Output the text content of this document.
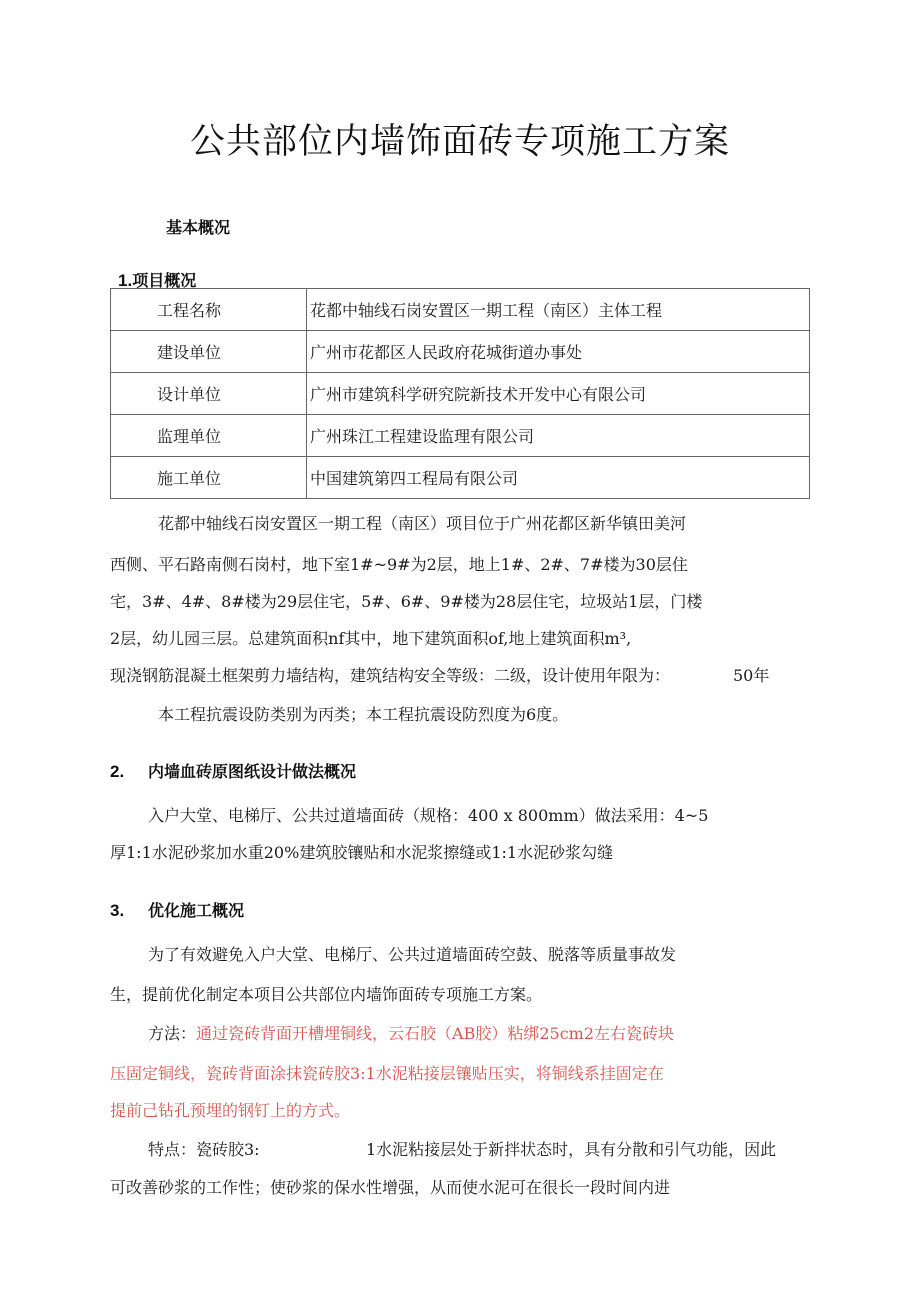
公共部位内墙饰面砖专项施工方案
基本概况
1.项目概况
工程名称	花都中轴线石岗安置区一期工程（南区）主体工程
建设单位	广州市花都区人民政府花城街道办事处
设计单位	广州市建筑科学研究院新技术开发中心有限公司
监理单位	广州珠江工程建设监理有限公司
施工单位	中国建筑第四工程局有限公司
花都中轴线石岗安置区一期工程（南区）项目位于广州花都区新华镇田美河
西侧、平石路南侧石岗村，地下室1#~9#为2层，地上1#、2#、7#楼为30层住
宅，3#、4#、8#楼为29层住宅，5#、6#、9#楼为28层住宅，垃圾站1层，门楼
2层，幼儿园三层。总建筑面积nf其中，地下建筑面积of,地上建筑面积m³,
现浇钢筋混凝土框架剪力墙结构，建筑结构安全等级：二级，设计使用年限为：	50年
本工程抗震设防类别为丙类；本工程抗震设防烈度为6度。
2. 内墙血砖原图纸设计做法概况
入户大堂、电梯厅、公共过道墙面砖（规格：400 x 800mm）做法采用：4~5
厚1:1水泥砂浆加水重20%建筑胶镶贴和水泥浆擦缝或1:1水泥砂浆勾缝
3. 优化施工概况
为了有效避免入户大堂、电梯厅、公共过道墙面砖空鼓、脱落等质量事故发
生，提前优化制定本项目公共部位内墙饰面砖专项施工方案。
方法：通过瓷砖背面开槽埋铜线，云石胶（AB胶）粘绑25cm2左右瓷砖块
压固定铜线，瓷砖背面涂抹瓷砖胶3:1水泥粘接层镶贴压实，将铜线系挂固定在
提前己钻孔预埋的钢钉上的方式。
特点：瓷砖胶3:	1水泥粘接层处于新拌状态时，具有分散和引气功能，因此
可改善砂浆的工作性；使砂浆的保水性增强，从而使水泥可在很长一段时间内进
